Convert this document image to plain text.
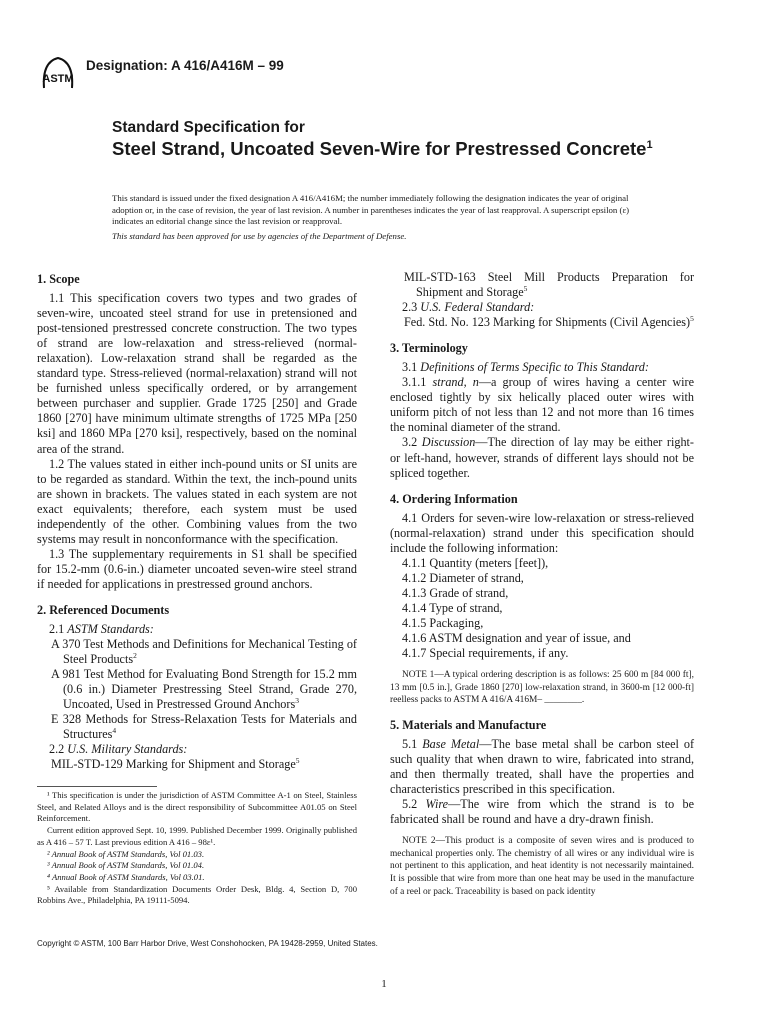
ASTM
Designation: A 416/A416M – 99
Standard Specification for
Steel Strand, Uncoated Seven-Wire for Prestressed Concrete$^1$

This standard is issued under the fixed designation A 416/A416M; the number immediately following the designation indicates the year of original adoption or, in the case of revision, the year of last revision. A number in parentheses indicates the year of last reapproval. A superscript epsilon (ε) indicates an editorial change since the last revision or reapproval.

This standard has been approved for use by agencies of the Department of Defense.

1. Scope

1.1 This specification covers two types and two grades of seven-wire, uncoated steel strand for use in pretensioned and post-tensioned prestressed concrete construction. The two types of strand are low-relaxation and stress-relieved (normal-relaxation). Low-relaxation strand shall be regarded as the standard type. Stress-relieved (normal-relaxation) strand will not be furnished unless specifically ordered, or by arrangement between purchaser and supplier. Grade 1725 [250] and Grade 1860 [270] have minimum ultimate strengths of 1725 MPa [250 ksi] and 1860 MPa [270 ksi], respectively, based on the nominal area of the strand.

1.2 The values stated in either inch-pound units or SI units are to be regarded as standard. Within the text, the inch-pound units are shown in brackets. The values stated in each system are not exact equivalents; therefore, each system must be used independently of the other. Combining values from the two systems may result in nonconformance with the specification.

1.3 The supplementary requirements in S1 shall be specified for 15.2-mm (0.6-in.) diameter uncoated seven-wire steel strand if needed for applications in prestressed ground anchors.

2. Referenced Documents

2.1 ASTM Standards:

A 370 Test Methods and Definitions for Mechanical Testing of Steel Products$^2$

A 981 Test Method for Evaluating Bond Strength for 15.2 mm (0.6 in.) Diameter Prestressing Steel Strand, Grade 270, Uncoated, Used in Prestressed Ground Anchors$^3$

E 328 Methods for Stress-Relaxation Tests for Materials and Structures$^4$

2.2 U.S. Military Standards:

MIL-STD-129 Marking for Shipment and Storage$^5$

¹ This specification is under the jurisdiction of ASTM Committee A-1 on Steel, Stainless Steel, and Related Alloys and is the direct responsibility of Subcommittee A01.05 on Steel Reinforcement.

Current edition approved Sept. 10, 1999. Published December 1999. Originally published as A 416 – 57 T. Last previous edition A 416 – 98ε¹.

² Annual Book of ASTM Standards, Vol 01.03.

³ Annual Book of ASTM Standards, Vol 01.04.

⁴ Annual Book of ASTM Standards, Vol 03.01.

⁵ Available from Standardization Documents Order Desk, Bldg. 4, Section D, 700 Robbins Ave., Philadelphia, PA 19111-5094.

MIL-STD-163 Steel Mill Products Preparation for Shipment and Storage$^5$

2.3 U.S. Federal Standard:

Fed. Std. No. 123 Marking for Shipments (Civil Agencies)$^5$

3. Terminology

3.1 Definitions of Terms Specific to This Standard:

3.1.1 strand, n—a group of wires having a center wire enclosed tightly by six helically placed outer wires with uniform pitch of not less than 12 and not more than 16 times the nominal diameter of the strand.

3.2 Discussion—The direction of lay may be either right- or left-hand, however, strands of different lays should not be spliced together.

4. Ordering Information

4.1 Orders for seven-wire low-relaxation or stress-relieved (normal-relaxation) strand under this specification should include the following information:

4.1.1 Quantity (meters [feet]),

4.1.2 Diameter of strand,

4.1.3 Grade of strand,

4.1.4 Type of strand,

4.1.5 Packaging,

4.1.6 ASTM designation and year of issue, and

4.1.7 Special requirements, if any.

NOTE 1—A typical ordering description is as follows: 25 600 m [84 000 ft], 13 mm [0.5 in.], Grade 1860 [270] low-relaxation strand, in 3600-m [12 000-ft] reelless packs to ASTM A 416/A 416M– ________.

5. Materials and Manufacture

5.1 Base Metal—The base metal shall be carbon steel of such quality that when drawn to wire, fabricated into strand, and then thermally treated, shall have the properties and characteristics prescribed in this specification.

5.2 Wire—The wire from which the strand is to be fabricated shall be round and have a dry-drawn finish.

NOTE 2—This product is a composite of seven wires and is produced to mechanical properties only. The chemistry of all wires or any individual wire is not pertinent to this application, and heat identity is not necessarily maintained. It is possible that wire from more than one heat may be used in the manufacture of a reel or pack. Traceability is based on pack identity

Copyright © ASTM, 100 Barr Harbor Drive, West Conshohocken, PA 19428-2959, United States.
1
